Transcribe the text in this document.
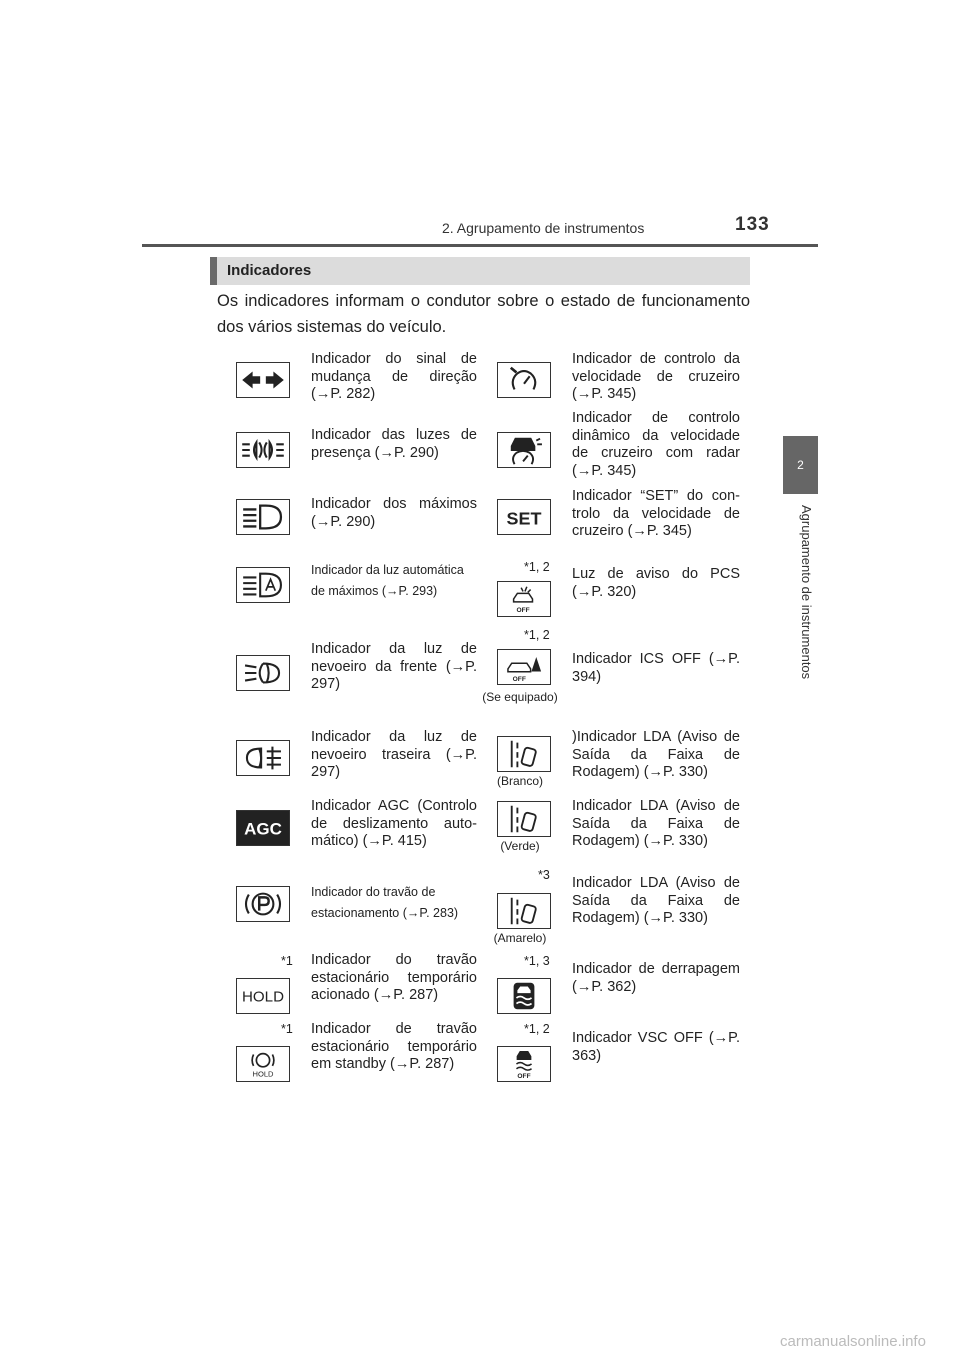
2. Agrupamento de instrumentos	133
2
Agrupamento de instrumentos
Indicadores
Os indicadores informam o condutor sobre o estado de funcionamento dos vários sistemas do veículo.
Indicador do sinal de mudança de direção (→P. 282)
Indicador das luzes de presença (→P. 290)
Indicador dos máximos (→P. 290)
Indicador da luz automática de máximos (→P. 293)
Indicador da luz de nevoeiro da frente (→P. 297)
Indicador da luz de nevoeiro traseira (→P. 297)
AGC
Indicador AGC (Controlo de deslizamento automático) (→P. 415)
Indicador do travão de estacionamento (→P. 283)
*1
HOLD
Indicador do travão estacionário temporário acionado (→P. 287)
*1
HOLD
Indicador de travão estacionário temporário em standby (→P. 287)
Indicador de controlo da velocidade de cruzeiro (→P. 345)
Indicador de controlo dinâmico da velocidade de cruzeiro com radar (→P. 345)
SET
Indicador “SET” do controlo da velocidade de cruzeiro (→P. 345)
*1, 2
OFF
Luz de aviso do PCS (→P. 320)
*1, 2
OFF
(Se equipado)
Indicador ICS OFF (→P. 394)
(Branco)
)Indicador LDA (Aviso de Saída da Faixa de Rodagem) (→P. 330)
(Verde)
Indicador LDA (Aviso de Saída da Faixa de Rodagem) (→P. 330)
*3
(Amarelo)
Indicador LDA (Aviso de Saída da Faixa de Rodagem) (→P. 330)
*1, 3 Indicador de derrapagem (→P. 362)
*1, 2
OFF
Indicador VSC OFF (→P. 363)
carmanualsonline.info
